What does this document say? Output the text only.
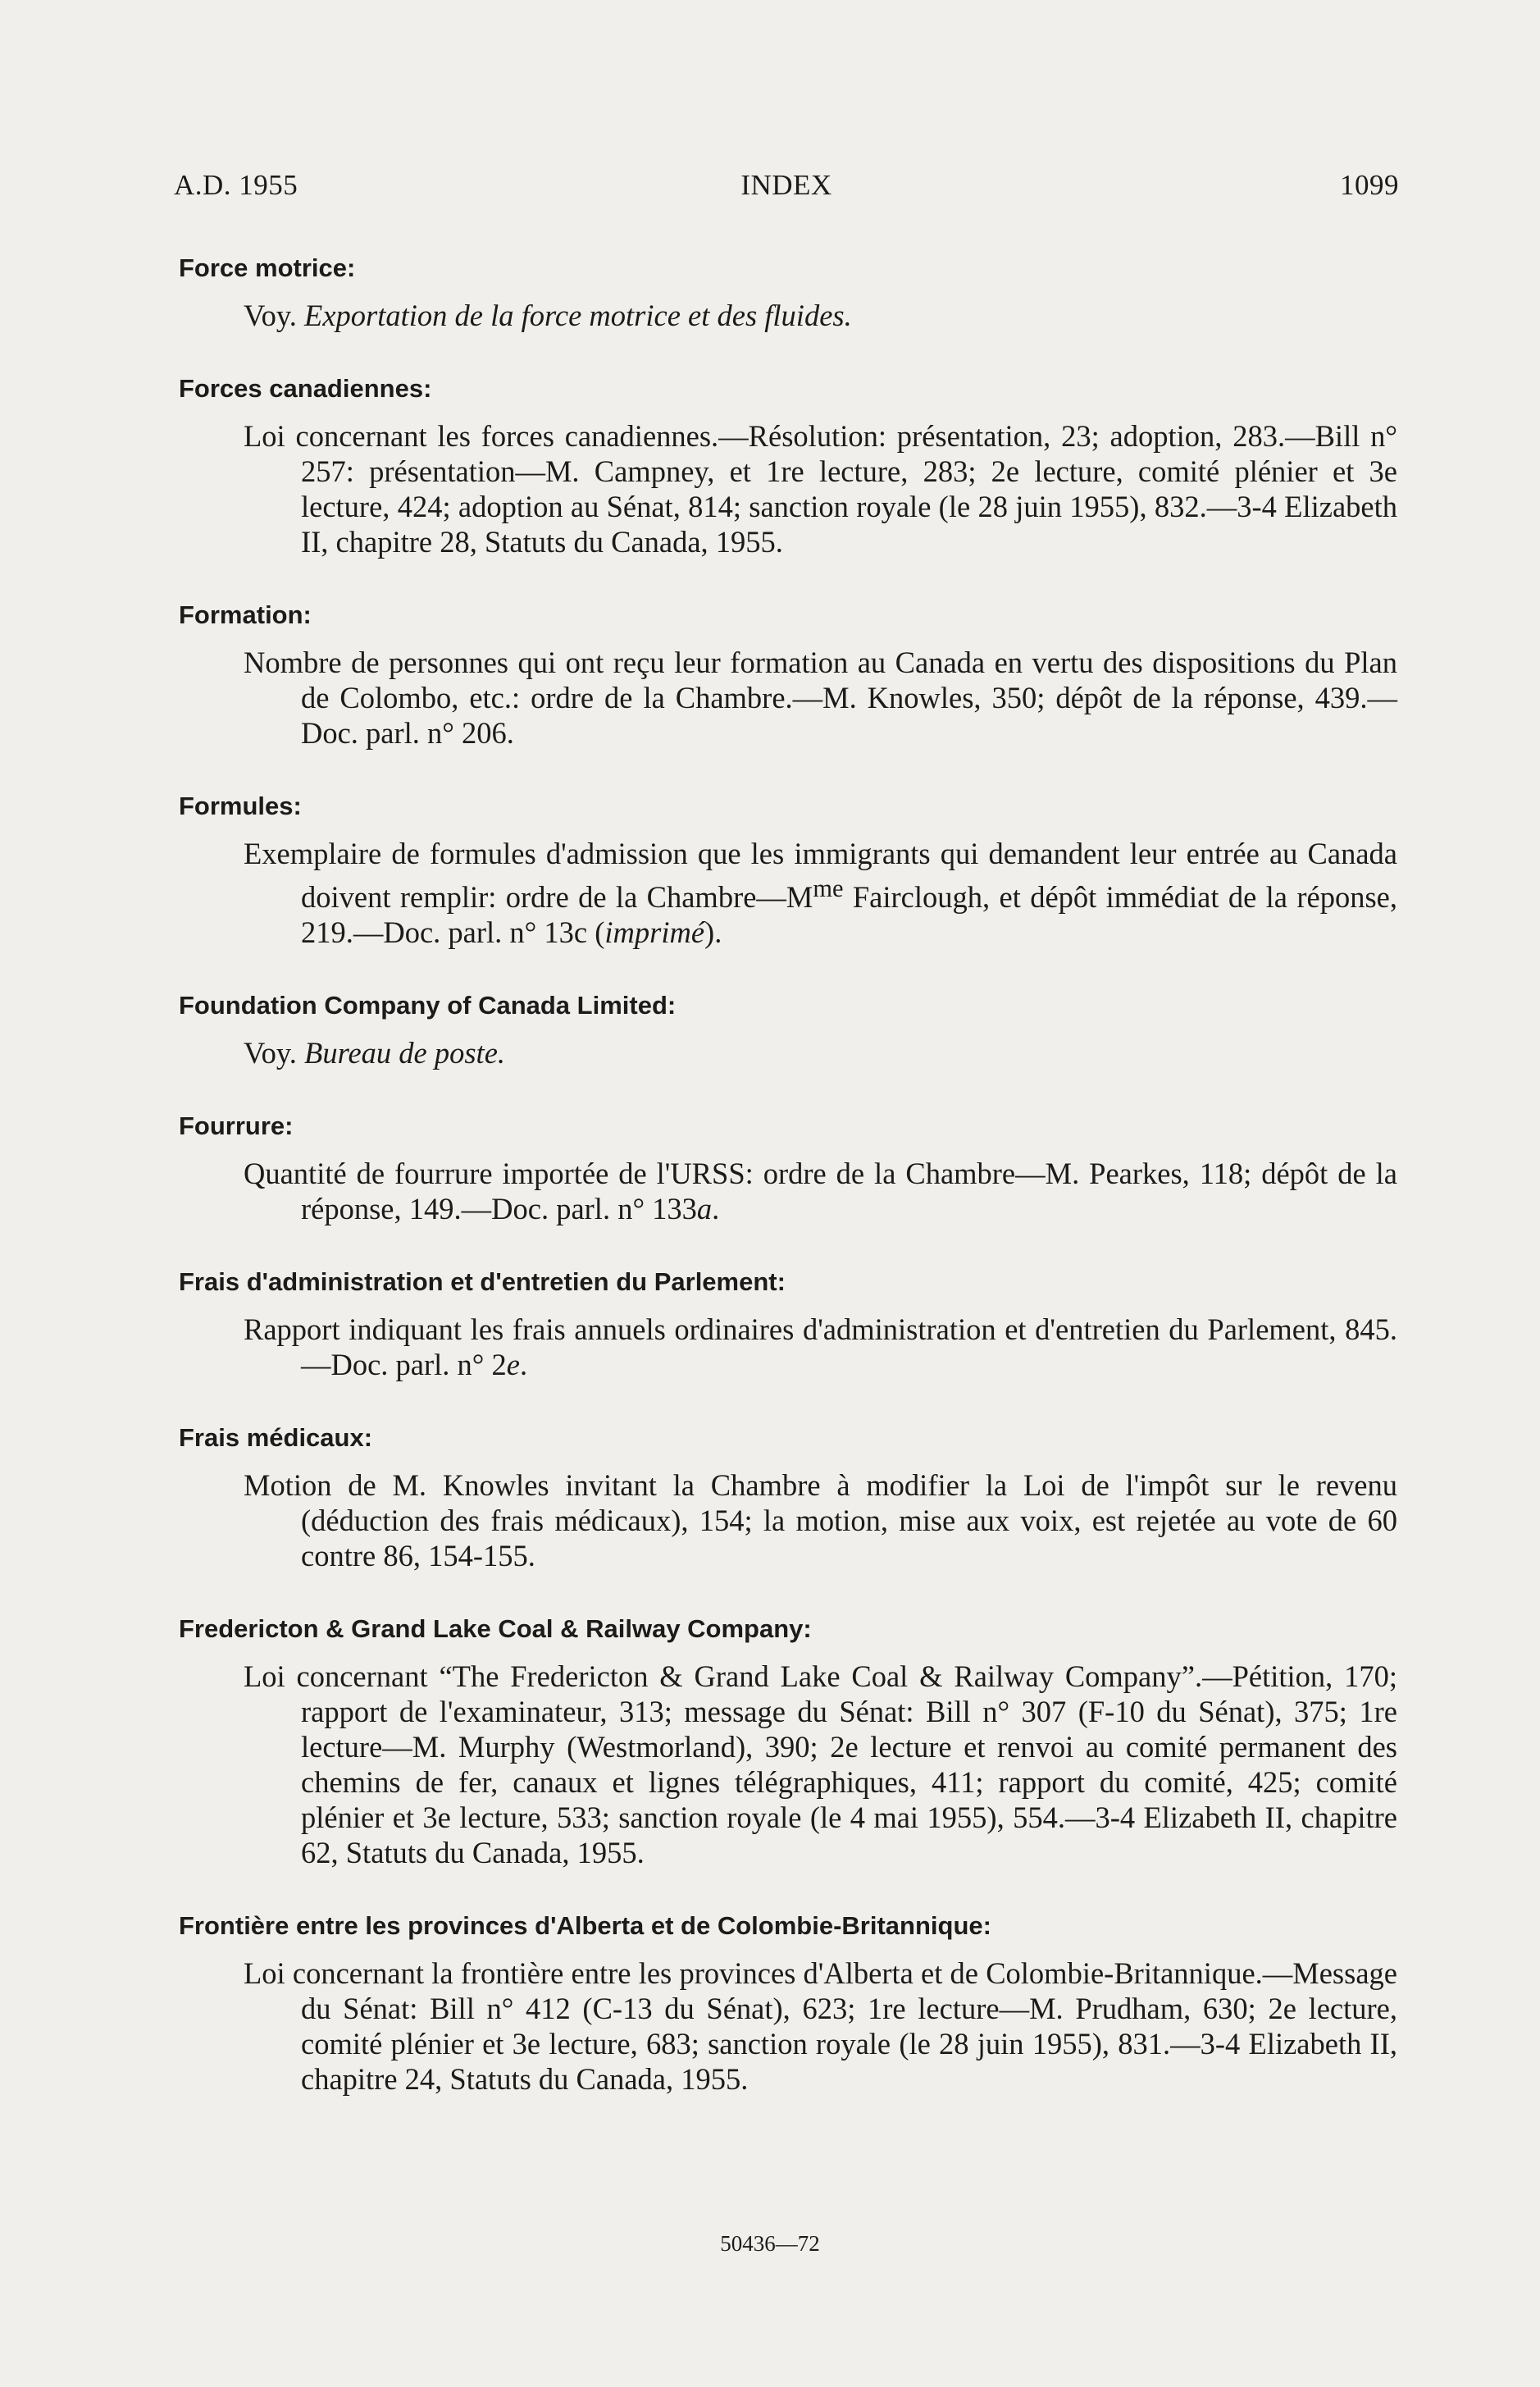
A.D. 1955	INDEX	1099
Force motrice:
Voy. Exportation de la force motrice et des fluides.
Forces canadiennes:
Loi concernant les forces canadiennes.—Résolution: présentation, 23; adoption, 283.—Bill n° 257: présentation—M. Campney, et 1re lecture, 283; 2e lecture, comité plénier et 3e lecture, 424; adoption au Sénat, 814; sanction royale (le 28 juin 1955), 832.—3-4 Elizabeth II, chapitre 28, Statuts du Canada, 1955.
Formation:
Nombre de personnes qui ont reçu leur formation au Canada en vertu des dispositions du Plan de Colombo, etc.: ordre de la Chambre.—M. Knowles, 350; dépôt de la réponse, 439.—Doc. parl. n° 206.
Formules:
Exemplaire de formules d'admission que les immigrants qui demandent leur entrée au Canada doivent remplir: ordre de la $Chambre—M^{me}$ Fairclough, et dépôt immédiat de la réponse, 219.—Doc. parl. n° 13c (imprimé).
Foundation Company of Canada Limited:
Voy. Bureau de poste.
Fourrure:
Quantité de fourrure importée de l'URSS: ordre de la Chambre—M. Pearkes, 118; dépôt de la réponse, 149.—Doc. parl. n° 133a.
Frais d'administration et d'entretien du Parlement:
Rapport indiquant les frais annuels ordinaires d'administration et d'entretien du Parlement, 845.—Doc. parl. n° 2e.
Frais médicaux:
Motion de M. Knowles invitant la Chambre à modifier la Loi de l'impôt sur le revenu (déduction des frais médicaux), 154; la motion, mise aux voix, est rejetée au vote de 60 contre 86, 154-155.
Fredericton & Grand Lake Coal & Railway Company:
Loi concernant “The Fredericton & Grand Lake Coal & Railway Company”.—Pétition, 170; rapport de l'examinateur, 313; message du Sénat: Bill n° 307 (F-10 du Sénat), 375; 1re lecture—M. Murphy (Westmorland), 390; 2e lecture et renvoi au comité permanent des chemins de fer, canaux et lignes télégraphiques, 411; rapport du comité, 425; comité plénier et 3e lecture, 533; sanction royale (le 4 mai 1955), 554.—3-4 Elizabeth II, chapitre 62, Statuts du Canada, 1955.
Frontière entre les provinces d'Alberta et de Colombie-Britannique:
Loi concernant la frontière entre les provinces d'Alberta et de Colombie-Britannique.—Message du Sénat: Bill n° 412 (C-13 du Sénat), 623; 1re lecture—M. Prudham, 630; 2e lecture, comité plénier et 3e lecture, 683; sanction royale (le 28 juin 1955), 831.—3-4 Elizabeth II, chapitre 24, Statuts du Canada, 1955.
50436—72
